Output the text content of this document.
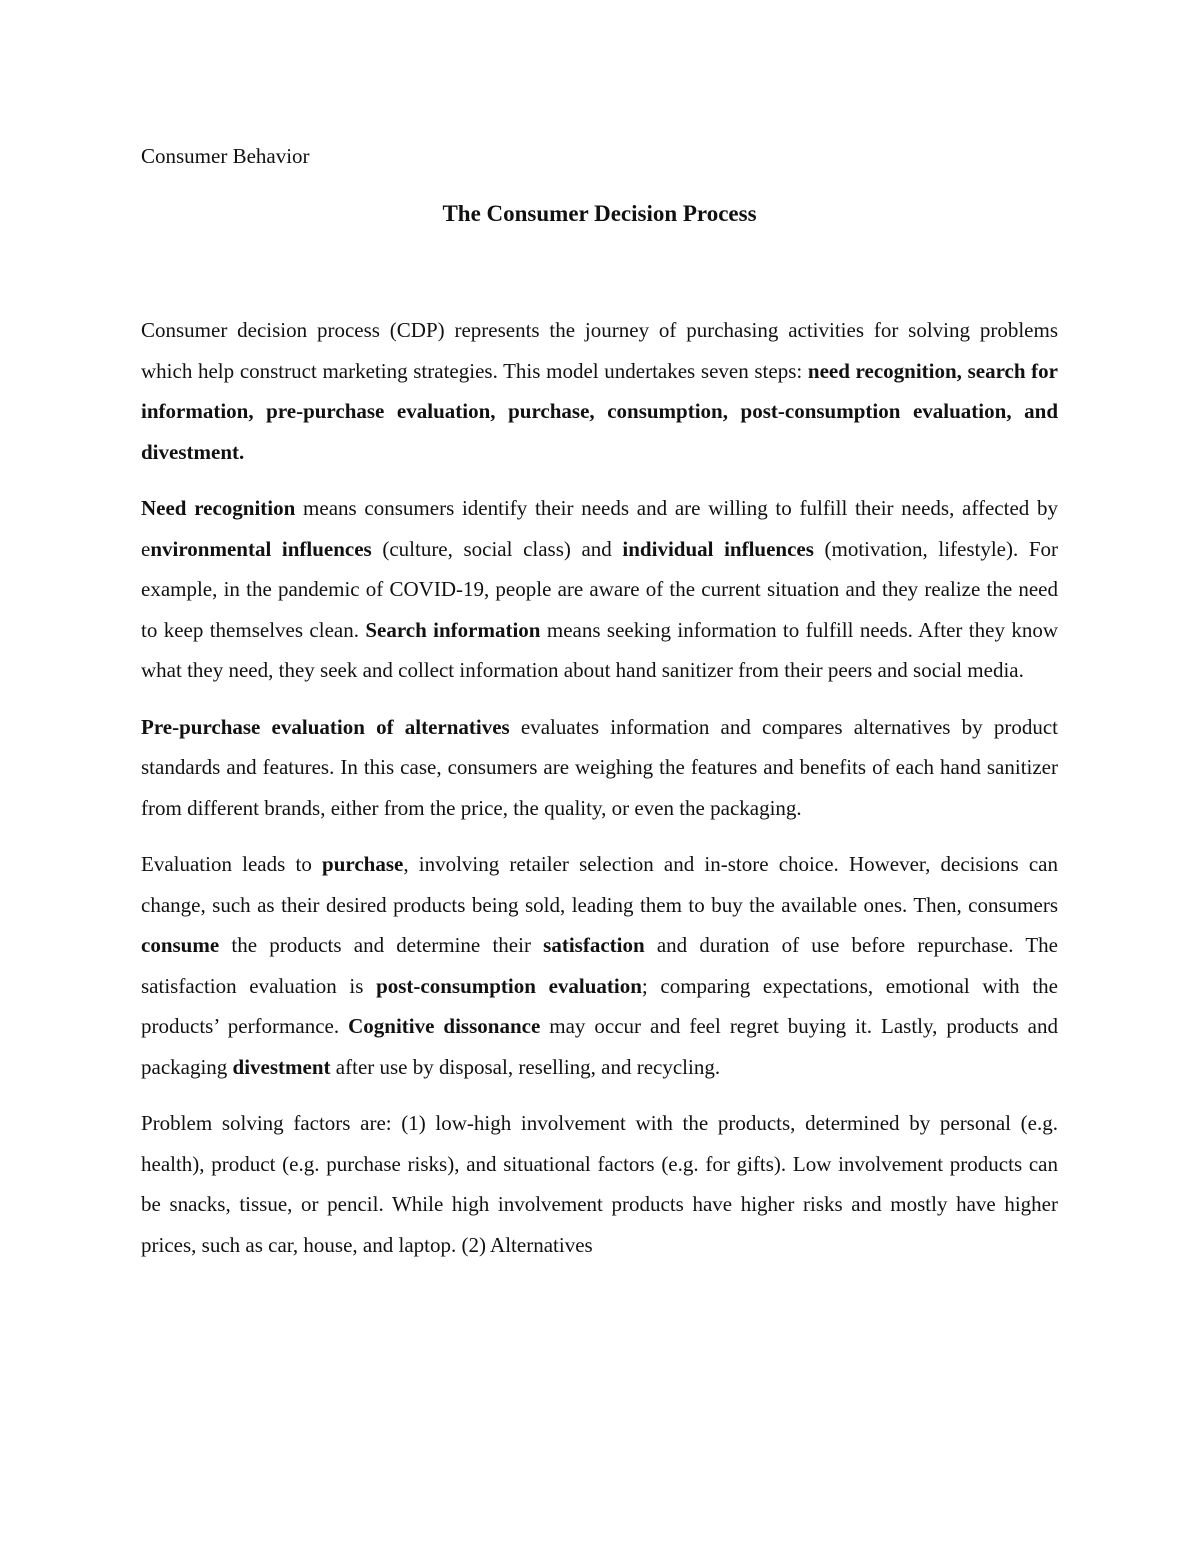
Consumer Behavior

The Consumer Decision Process

Consumer decision process (CDP) represents the journey of purchasing activities for solving problems which help construct marketing strategies. This model undertakes seven steps: need recognition, search for information, pre-purchase evaluation, purchase, consumption, post-consumption evaluation, and divestment.

Need recognition means consumers identify their needs and are willing to fulfill their needs, affected by environmental influences (culture, social class) and individual influences (motivation, lifestyle). For example, in the pandemic of COVID-19, people are aware of the current situation and they realize the need to keep themselves clean. Search information means seeking information to fulfill needs. After they know what they need, they seek and collect information about hand sanitizer from their peers and social media.

Pre-purchase evaluation of alternatives evaluates information and compares alternatives by product standards and features. In this case, consumers are weighing the features and benefits of each hand sanitizer from different brands, either from the price, the quality, or even the packaging.

Evaluation leads to purchase, involving retailer selection and in-store choice. However, decisions can change, such as their desired products being sold, leading them to buy the available ones. Then, consumers consume the products and determine their satisfaction and duration of use before repurchase. The satisfaction evaluation is post-consumption evaluation; comparing expectations, emotional with the products’ performance. Cognitive dissonance may occur and feel regret buying it. Lastly, products and packaging divestment after use by disposal, reselling, and recycling.

Problem solving factors are: (1) low-high involvement with the products, determined by personal (e.g. health), product (e.g. purchase risks), and situational factors (e.g. for gifts). Low involvement products can be snacks, tissue, or pencil. While high involvement products have higher risks and mostly have higher prices, such as car, house, and laptop. (2) Alternatives
